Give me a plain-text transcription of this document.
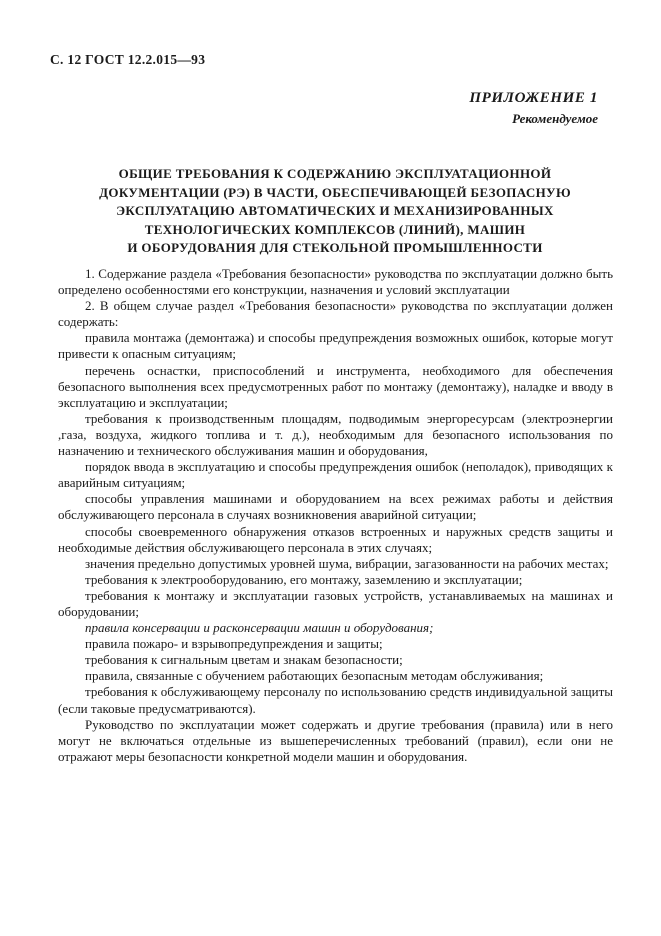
С. 12 ГОСТ 12.2.015—93
ПРИЛОЖЕНИЕ 1
Рекомендуемое
ОБЩИЕ ТРЕБОВАНИЯ К СОДЕРЖАНИЮ ЭКСПЛУАТАЦИОННОЙ
ДОКУМЕНТАЦИИ (РЭ) В ЧАСТИ, ОБЕСПЕЧИВАЮЩЕЙ БЕЗОПАСНУЮ
ЭКСПЛУАТАЦИЮ АВТОМАТИЧЕСКИХ И МЕХАНИЗИРОВАННЫХ
ТЕХНОЛОГИЧЕСКИХ КОМПЛЕКСОВ (ЛИНИЙ), МАШИН
И ОБОРУДОВАНИЯ ДЛЯ СТЕКОЛЬНОЙ ПРОМЫШЛЕННОСТИ

1. Содержание раздела «Требования безопасности» руководства по эксплуатации должно быть определено особенностями его конструкции, назначения и условий эксплуатации

2. В общем случае раздел «Требования безопасности» руководства по эксплуатации должен содержать:

правила монтажа (демонтажа) и способы предупреждения возможных ошибок, которые могут привести к опасным ситуациям;

перечень оснастки, приспособлений и инструмента, необходимого для обеспечения безопасного выполнения всех предусмотренных работ по монтажу (демонтажу), наладке и вводу в эксплуатацию и эксплуатации;

требования к производственным площадям, подводимым энергоресурсам (электроэнергии ,газа, воздуха, жидкого топлива и т. д.), необходимым для безопасного использования по назначению и технического обслуживания машин и оборудования,

порядок ввода в эксплуатацию и способы предупреждения ошибок (неполадок), приводящих к аварийным ситуациям;

способы управления машинами и оборудованием на всех режимах работы и действия обслуживающего персонала в случаях возникновения аварийной ситуации;

способы своевременного обнаружения отказов встроенных и наружных средств защиты и необходимые действия обслуживающего персонала в этих случаях;

значения предельно допустимых уровней шума, вибрации, загазованности на рабочих местах;

требования к электрооборудованию, его монтажу, заземлению и эксплуатации;

требования к монтажу и эксплуатации газовых устройств, устанавливаемых на машинах и оборудовании;

правила консервации и расконсервации машин и оборудования;

правила пожаро- и взрывопредупреждения и защиты;

требования к сигнальным цветам и знакам безопасности;

правила, связанные с обучением работающих безопасным методам обслуживания;

требования к обслуживающему персоналу по использованию средств индивидуальной защиты (если таковые предусматриваются).

Руководство по эксплуатации может содержать и другие требования (правила) или в него могут не включаться отдельные из вышеперечисленных требований (правил), если они не отражают меры безопасности конкретной модели машин и оборудования.
